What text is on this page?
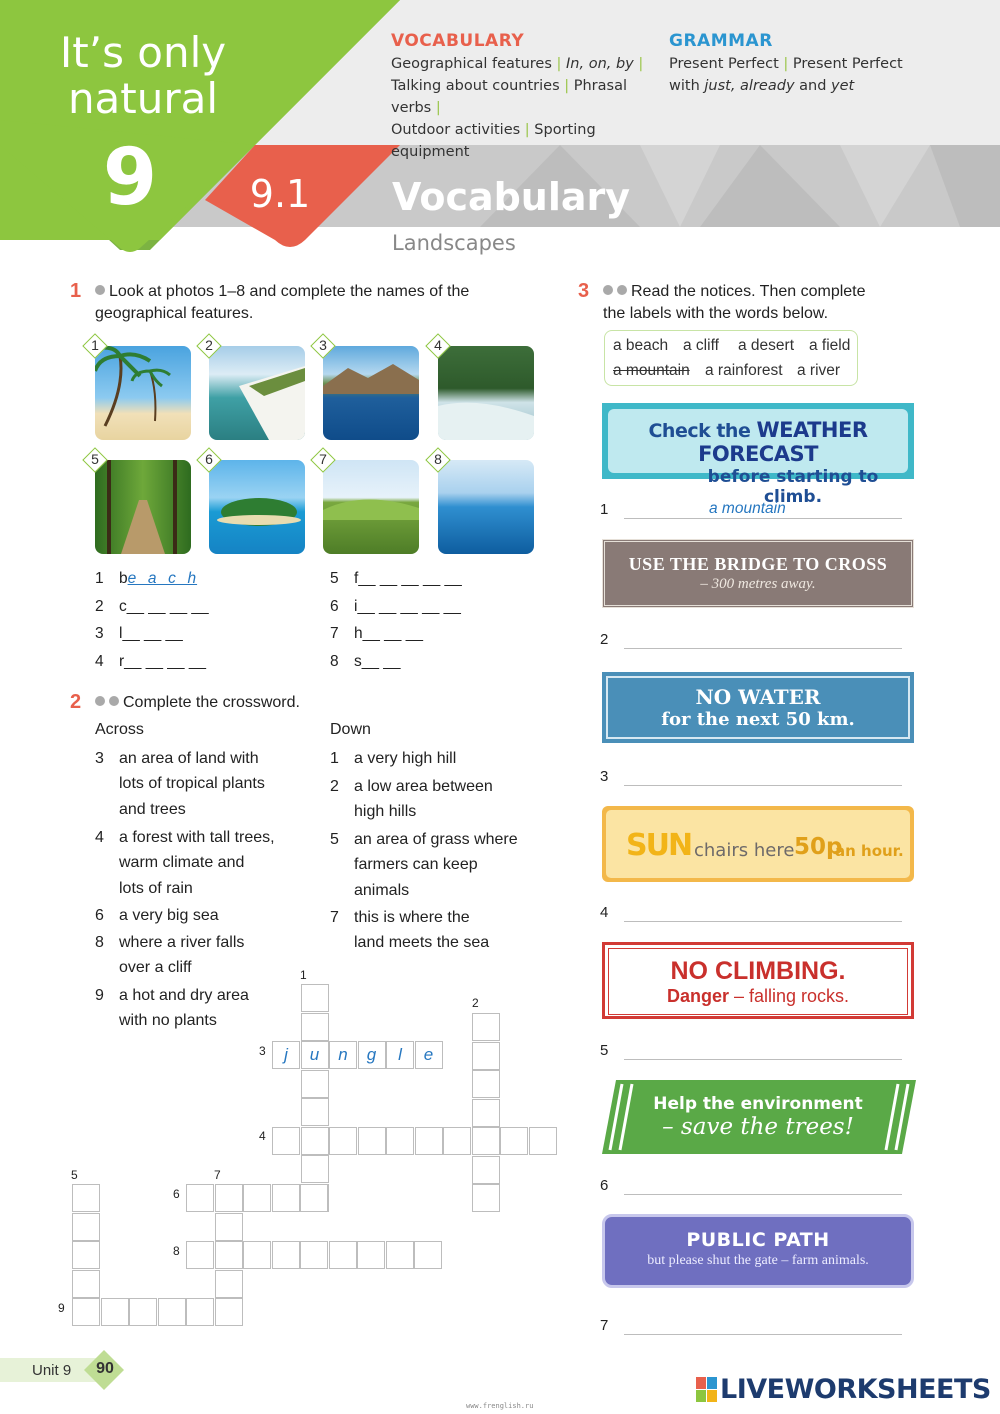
It’s only
natural
9	9.1	Vocabulary
Landscapes
VOCABULARY
Geographical features | In, on, by |
Talking about countries | Phrasal verbs |
Outdoor activities | Sporting equipment
GRAMMAR
Present Perfect | Present Perfect
with just, already and yet
1	Look at photos 1–8 and complete the names of the
geographical features.
1	2	3	4
5	6	7	8
1 be  a  c  h
2 c__ __ __ __
3 l__ __ __
4 r__ __ __ __
5 f__ __ __ __ __
6 i__ __ __ __ __
7 h__ __ __
8 s__ __
2	Complete the crossword.
Across	Down
3 an area of land with
lots of tropical plants
and trees
4 a forest with tall trees,
warm climate and
lots of rain
6 a very big sea
8 where a river falls
over a cliff
9 a hot and dry area
with no plants
1 a very high hill
2 a low area between
high hills
5 an area of grass where
farmers can keep
animals
7 this is where the
land meets the sea
j	u	n	g	l	e
1
2
3
4
5
6
7
8
9
3	Read the notices. Then complete
the labels with the words below.
a beach a cliff a desert a field
a mountain a rainforest a river
Check the WEATHER FORECAST
before starting to climb.
1	a mountain
USE THE BRIDGE TO CROSS
– 300 metres away.
2
NO WATER
for the next 50 km.
3
SUN chairs here 50p
an hour.
4
NO CLIMBING.
Danger – falling rocks.
5
Help the environment
– save the trees!
6
PUBLIC PATH
but please shut the gate – farm animals.
7
Unit 9 90
LIVEWORKSHEETS
www.frenglish.ru
